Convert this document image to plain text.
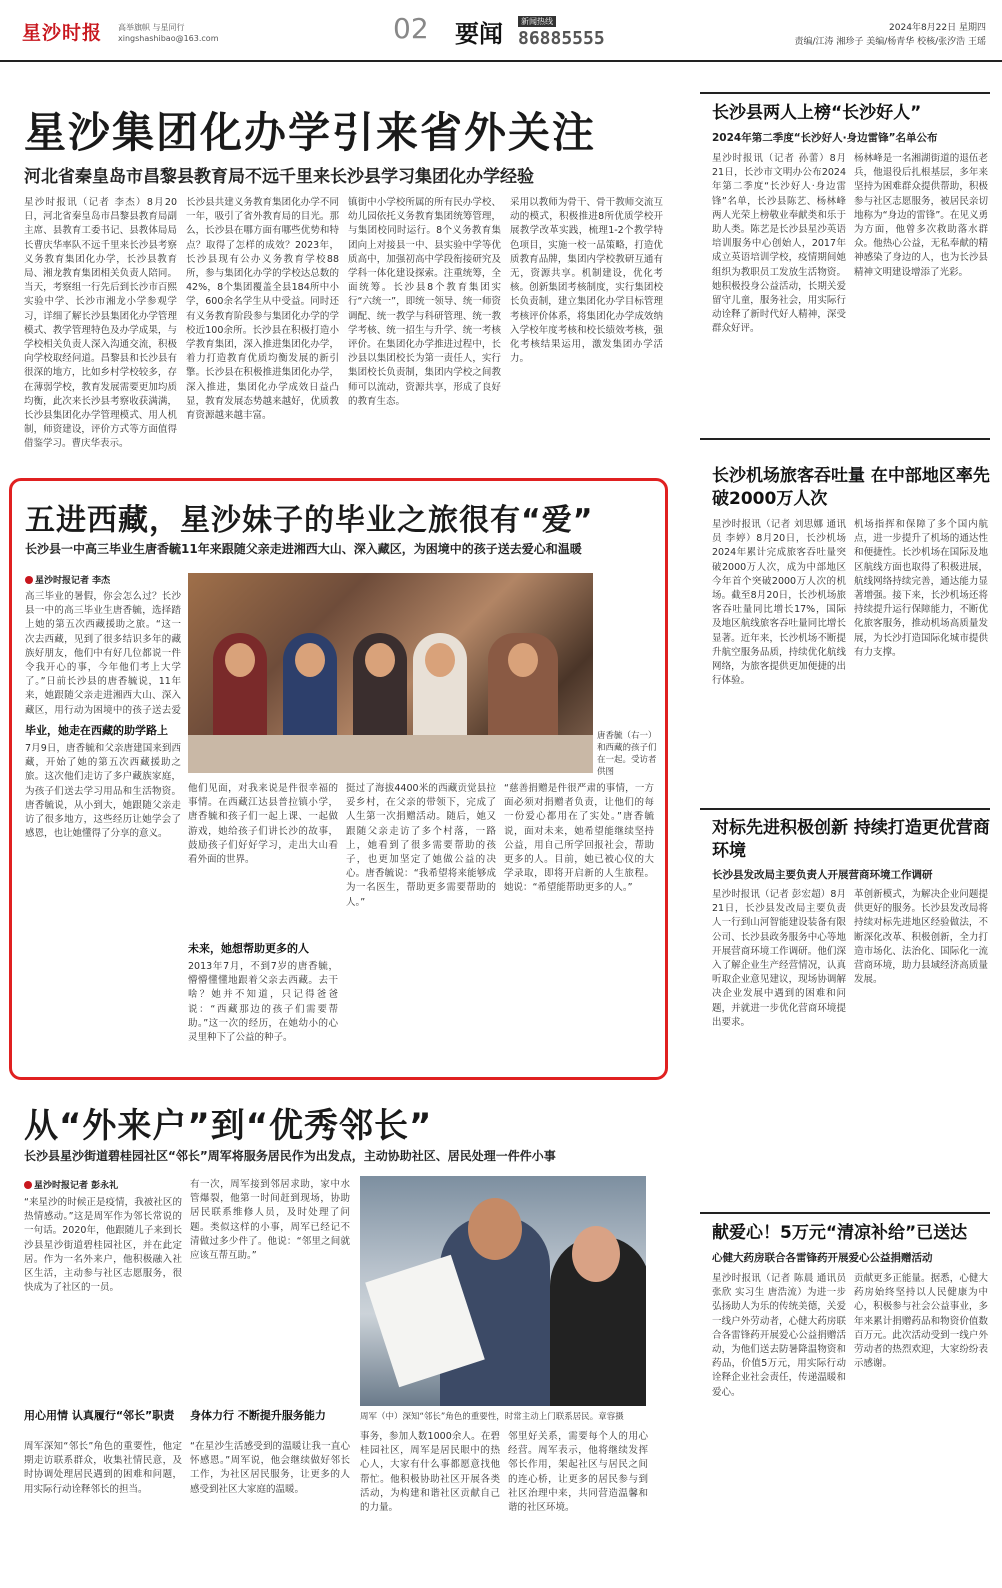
星沙时报 高举旗帜 与星同行
xingshashibao@163.com	02 要闻	新闻热线
86885555	2024年8月22日 星期四
责编/江涛 湘珍子 美编/杨青华 校核/张汐浩 王瑶
星沙集团化办学引来省外关注
河北省秦皇岛市昌黎县教育局不远千里来长沙县学习集团化办学经验
星沙时报讯（记者 李杰）8月20日，河北省秦皇岛市昌黎县教育局副主席、县教育工委书记、县教体局局长曹庆华率队不远千里来长沙县考察义务教育集团化办学，长沙县教育局、湘龙教育集团相关负责人陪同。当天，考察组一行先后到长沙市百熙实验中学、长沙市湘龙小学参观学习，详细了解长沙县集团化办学管理模式、教学管理特色及办学成果，与学校相关负责人深入沟通交流，积极向学校取经问道。昌黎县和长沙县有很深的地方，比如乡村学校较多，存在薄弱学校，教育发展需要更加均质均衡，此次来长沙县考察收获满满，长沙县集团化办学管理模式、用人机制，师资建设，评价方式等方面值得借鉴学习。曹庆华表示。
长沙县共建义务教育集团化办学不同一年，吸引了省外教育局的目光。那么，长沙县在哪方面有哪些优势和特点？取得了怎样的成效？2023年，长沙县现有公办义务教育学校88所，参与集团化办学的学校达总数的42%，8个集团覆盖全县184所中小学，600余名学生从中受益。同时还有义务教育阶段参与集团化办学的学校近100余所。长沙县在积极打造小学教育集团，深入推进集团化办学，着力打造教育优质均衡发展的新引擎。长沙县在积极推进集团化办学，深入推进，集团化办学成效日益凸显，教育发展态势越来越好，优质教育资源越来越丰富。
镇街中小学校所属的所有民办学校、幼儿园依托义务教育集团统筹管理，与集团校同时运行。8个义务教育集团向上对接县一中、县实验中学等优质高中，加强初高中学段衔接研究及学科一体化建设探索。注重统筹，全面统筹。长沙县8个教育集团实行“六统一”，即统一领导、统一师资调配、统一教学与科研管理、统一教学考核、统一招生与升学、统一考核评价。在集团化办学推进过程中，长沙县以集团校长为第一责任人，实行集团校长负责制，集团内学校之间教师可以流动，资源共享，形成了良好的教育生态。
采用以教师为骨干、骨干教师交流互动的模式，积极推进8所优质学校开展教学改革实践，梳理1-2个教学特色项目，实施一校一品策略，打造优质教育品牌，集团内学校教研互通有无，资源共享。机制建设，优化考核。创新集团考核制度，实行集团校长负责制，建立集团化办学目标管理考核评价体系，将集团化办学成效纳入学校年度考核和校长绩效考核，强化考核结果运用，激发集团办学活力。
长沙县两人上榜“长沙好人”
2024年第二季度“长沙好人·身边雷锋”名单公布
星沙时报讯（记者 孙蕾）8月21日，长沙市文明办公布2024年第二季度“长沙好人·身边雷锋”名单，长沙县陈艺、杨林峰两人光荣上榜敬业奉献类和乐于助人类。陈艺是长沙县星沙英语培训服务中心创始人，2017年成立英语培训学校，疫情期间她组织为教职员工发放生活物资。她积极投身公益活动，长期关爱留守儿童，服务社会，用实际行动诠释了新时代好人精神，深受群众好评。
杨林峰是一名湘湖街道的退伍老兵，他退役后扎根基层，多年来坚持为困难群众提供帮助，积极参与社区志愿服务，被居民亲切地称为“身边的雷锋”。在见义勇为方面，他曾多次救助落水群众。他热心公益，无私奉献的精神感染了身边的人，也为长沙县精神文明建设增添了光彩。
长沙机场旅客吞吐量 在中部地区率先破2000万人次
星沙时报讯（记者 刘思娜 通讯员 李婷）8月20日，长沙机场2024年累计完成旅客吞吐量突破2000万人次，成为中部地区今年首个突破2000万人次的机场。截至8月20日，长沙机场旅客吞吐量同比增长17%，国际及地区航线旅客吞吐量同比增长显著。近年来，长沙机场不断提升航空服务品质，持续优化航线网络，为旅客提供更加便捷的出行体验。
机场指挥和保障了多个国内航点，进一步提升了机场的通达性和便捷性。长沙机场在国际及地区航线方面也取得了积极进展，航线网络持续完善，通达能力显著增强。接下来，长沙机场还将持续提升运行保障能力，不断优化旅客服务，推动机场高质量发展，为长沙打造国际化城市提供有力支撑。
对标先进积极创新 持续打造更优营商环境
长沙县发改局主要负责人开展营商环境工作调研
星沙时报讯（记者 彭宏超）8月21日，长沙县发改局主要负责人一行到山河智能建设装备有限公司、长沙县政务服务中心等地开展营商环境工作调研。他们深入了解企业生产经营情况，认真听取企业意见建议，现场协调解决企业发展中遇到的困难和问题，并就进一步优化营商环境提出要求。
革创新模式，为解决企业问题提供更好的服务。长沙县发改局将持续对标先进地区经验做法，不断深化改革、积极创新，全力打造市场化、法治化、国际化一流营商环境，助力县域经济高质量发展。
献爱心！5万元“清凉补给”已送达
心健大药房联合各雷锋药开展爱心公益捐赠活动
星沙时报讯（记者 陈晨 通讯员 张欣 实习生 唐浩流）为进一步弘扬助人为乐的传统美德，关爱一线户外劳动者，心健大药房联合各雷锋药开展爱心公益捐赠活动，为他们送去防暑降温物资和药品，价值5万元，用实际行动诠释企业社会责任，传递温暖和爱心。
贡献更多正能量。据悉，心健大药房始终坚持以人民健康为中心，积极参与社会公益事业，多年来累计捐赠药品和物资价值数百万元。此次活动受到一线户外劳动者的热烈欢迎，大家纷纷表示感谢。
五进西藏，星沙妹子的毕业之旅很有“爱”
长沙县一中高三毕业生唐香毓11年来跟随父亲走进湘西大山、深入藏区，为困境中的孩子送去爱心和温暖
星沙时报记者 李杰
高三毕业的暑假，你会怎么过？长沙县一中的高三毕业生唐香毓，选择踏上她的第五次西藏援助之旅。“这一次去西藏，见到了很多结识多年的藏族好朋友，他们中有好几位都说一件令我开心的事，今年他们考上大学了。”日前长沙县的唐香毓说，11年来，她跟随父亲走进湘西大山、深入藏区，用行动为困境中的孩子送去爱
毕业，她走在西藏的助学路上
7月9日，唐香毓和父亲唐建国来到西藏，开始了她的第五次西藏援助之旅。这次他们走访了多户藏族家庭，为孩子们送去学习用品和生活物资。唐香毓说，从小到大，她跟随父亲走访了很多地方，这些经历让她学会了感恩，也让她懂得了分享的意义。
唐香毓（右一）和西藏的孩子们在一起。受访者供图
他们见面，对我来说是件很幸福的事情。在西藏江达县普拉镇小学，唐香毓和孩子们一起上课、一起做游戏，她给孩子们讲长沙的故事，鼓励孩子们好好学习，走出大山看看外面的世界。
未来，她想帮助更多的人
2013年7月，不到7岁的唐香毓，懵懵懂懂地跟着父亲去西藏。去干啥？她并不知道，只记得爸爸说：“西藏那边的孩子们需要帮助。”这一次的经历，在她幼小的心灵里种下了公益的种子。
挺过了海拔4400米的西藏贡觉县拉妥乡村，在父亲的带领下，完成了人生第一次捐赠活动。随后，她又跟随父亲走访了多个村落，一路上，她看到了很多需要帮助的孩子，也更加坚定了她做公益的决心。唐香毓说：“我希望将来能够成为一名医生，帮助更多需要帮助的人。”
“慈善捐赠是件很严肃的事情，一方面必须对捐赠者负责，让他们的每一份爱心都用在了实处。”唐香毓说，面对未来，她希望能继续坚持公益，用自己所学回报社会，帮助更多的人。目前，她已被心仪的大学录取，即将开启新的人生旅程。她说：“希望能帮助更多的人。”
从“外来户”到“优秀邻长”
长沙县星沙街道碧桂园社区“邻长”周军将服务居民作为出发点，主动协助社区、居民处理一件件小事
星沙时报记者 彭永礼
“来星沙的时候正是疫情，我被社区的热情感动。”这是周军作为邻长常说的一句话。2020年，他跟随儿子来到长沙县星沙街道碧桂园社区，并在此定居。作为一名外来户，他积极融入社区生活，主动参与社区志愿服务，很快成为了社区的一员。
用心用情 认真履行“邻长”职责
周军深知“邻长”角色的重要性，他定期走访联系群众，收集社情民意，及时协调处理居民遇到的困难和问题，用实际行动诠释邻长的担当。
有一次，周军接到邻居求助，家中水管爆裂，他第一时间赶到现场，协助居民联系维修人员，及时处理了问题。类似这样的小事，周军已经记不清做过多少件了。他说：“邻里之间就应该互帮互助。”
身体力行 不断提升服务能力
“在星沙生活感受到的温暖让我一直心怀感恩。”周军说，他会继续做好邻长工作，为社区居民服务，让更多的人感受到社区大家庭的温暖。
周军（中）深知“邻长”角色的重要性，时常主动上门联系居民。章容摄
事务，参加人数1000余人。在碧桂园社区，周军是居民眼中的热心人，大家有什么事都愿意找他帮忙。他积极协助社区开展各类活动，为构建和谐社区贡献自己的力量。
邻里好关系，需要每个人的用心经营。周军表示，他将继续发挥邻长作用，架起社区与居民之间的连心桥，让更多的居民参与到社区治理中来，共同营造温馨和谐的社区环境。
